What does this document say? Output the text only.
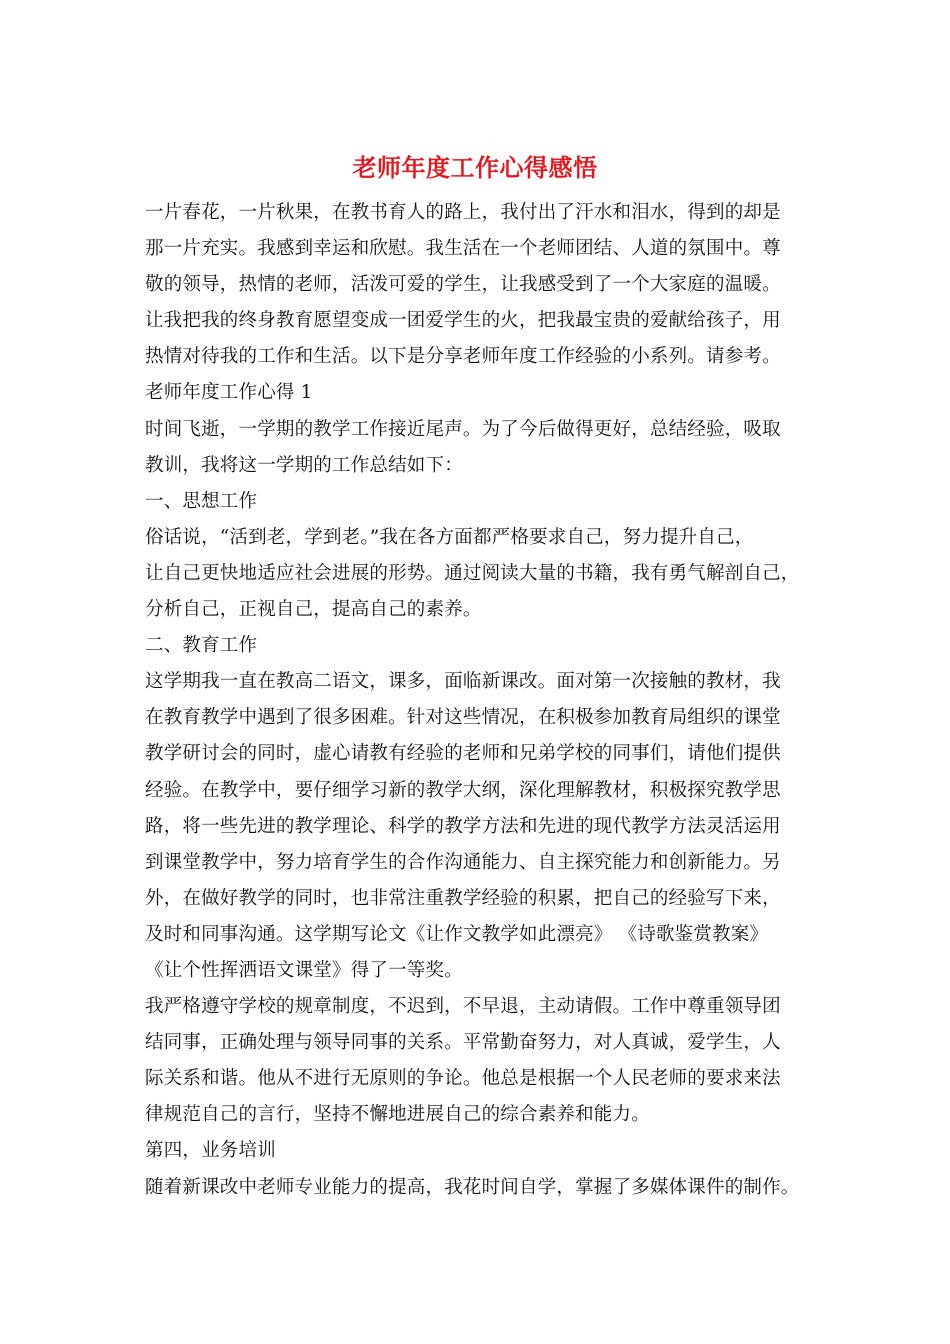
老师年度工作心得感悟
一片春花，一片秋果，在教书育人的路上，我付出了汗水和泪水，得到的却是
那一片充实。我感到幸运和欣慰。我生活在一个老师团结、人道的氛围中。尊
敬的领导，热情的老师，活泼可爱的学生，让我感受到了一个大家庭的温暖。
让我把我的终身教育愿望变成一团爱学生的火，把我最宝贵的爱献给孩子，用
热情对待我的工作和生活。以下是分享老师年度工作经验的小系列。请参考。
老师年度工作心得 1
时间飞逝，一学期的教学工作接近尾声。为了今后做得更好，总结经验，吸取
教训，我将这一学期的工作总结如下：
一、思想工作
俗话说，“活到老，学到老。”我在各方面都严格要求自己，努力提升自己，
让自己更快地适应社会进展的形势。通过阅读大量的书籍，我有勇气解剖自己，
分析自己，正视自己，提高自己的素养。
二、教育工作
这学期我一直在教高二语文，课多，面临新课改。面对第一次接触的教材，我
在教育教学中遇到了很多困难。针对这些情况，在积极参加教育局组织的课堂
教学研讨会的同时，虚心请教有经验的老师和兄弟学校的同事们，请他们提供
经验。在教学中，要仔细学习新的教学大纲，深化理解教材，积极探究教学思
路，将一些先进的教学理论、科学的教学方法和先进的现代教学方法灵活运用
到课堂教学中，努力培育学生的合作沟通能力、自主探究能力和创新能力。另
外，在做好教学的同时，也非常注重教学经验的积累，把自己的经验写下来，
及时和同事沟通。这学期写论文《让作文教学如此漂亮》 《诗歌鉴赏教案》
《让个性挥洒语文课堂》得了一等奖。
我严格遵守学校的规章制度，不迟到，不早退，主动请假。工作中尊重领导团
结同事，正确处理与领导同事的关系。平常勤奋努力，对人真诚，爱学生，人
际关系和谐。他从不进行无原则的争论。他总是根据一个人民老师的要求来法
律规范自己的言行，坚持不懈地进展自己的综合素养和能力。
第四，业务培训
随着新课改中老师专业能力的提高，我花时间自学，掌握了多媒体课件的制作。
